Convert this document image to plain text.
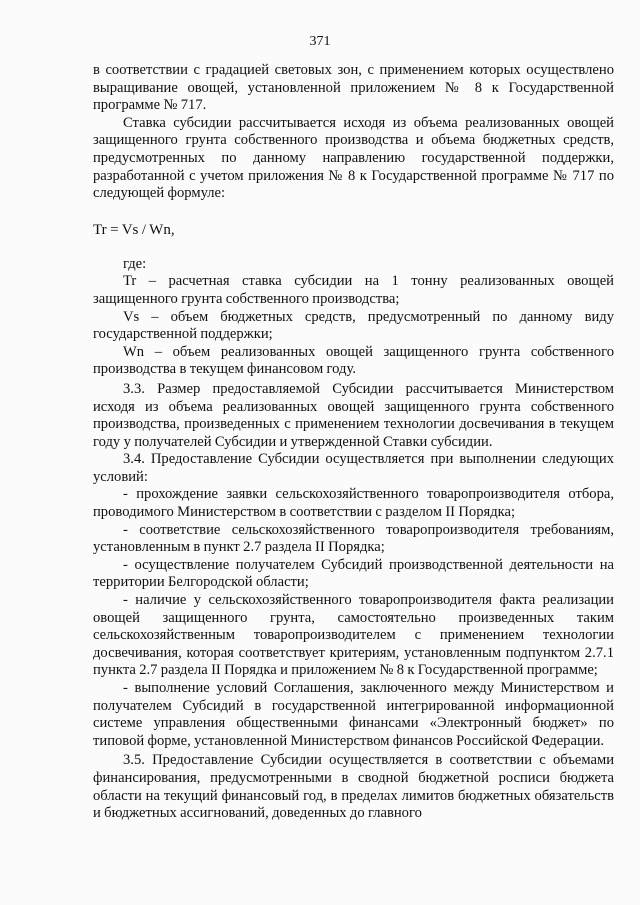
371

в соответствии с градацией световых зон, с применением которых осуществлено выращивание овощей, установленной приложением № 8 к Государственной программе № 717.

Ставка субсидии рассчитывается исходя из объема реализованных овощей защищенного грунта собственного производства и объема бюджетных средств, предусмотренных по данному направлению государственной поддержки, разработанной с учетом приложения № 8 к Государственной программе № 717 по следующей формуле:

Tr = Vs / Wn,

где:

Tr – расчетная ставка субсидии на 1 тонну реализованных овощей защищенного грунта собственного производства;

Vs – объем бюджетных средств, предусмотренный по данному виду государственной поддержки;

Wn – объем реализованных овощей защищенного грунта собственного производства в текущем финансовом году.

3.3. Размер предоставляемой Субсидии рассчитывается Министерством исходя из объема реализованных овощей защищенного грунта собственного производства, произведенных с применением технологии досвечивания в текущем году у получателей Субсидии и утвержденной Ставки субсидии.

3.4. Предоставление Субсидии осуществляется при выполнении следующих условий:

- прохождение заявки сельскохозяйственного товаропроизводителя отбора, проводимого Министерством в соответствии с разделом II Порядка;

- соответствие сельскохозяйственного товаропроизводителя требованиям, установленным в пункт 2.7 раздела II Порядка;

- осуществление получателем Субсидий производственной деятельности на территории Белгородской области;

- наличие у сельскохозяйственного товаропроизводителя факта реализации овощей защищенного грунта, самостоятельно произведенных таким сельскохозяйственным товаропроизводителем с применением технологии досвечивания, которая соответствует критериям, установленным подпунктом 2.7.1 пункта 2.7 раздела II Порядка и приложением № 8 к Государственной программе;

- выполнение условий Соглашения, заключенного между Министерством и получателем Субсидий в государственной интегрированной информационной системе управления общественными финансами «Электронный бюджет» по типовой форме, установленной Министерством финансов Российской Федерации.

3.5. Предоставление Субсидии осуществляется в соответствии с объемами финансирования, предусмотренными в сводной бюджетной росписи бюджета области на текущий финансовый год, в пределах лимитов бюджетных обязательств и бюджетных ассигнований, доведенных до главного
